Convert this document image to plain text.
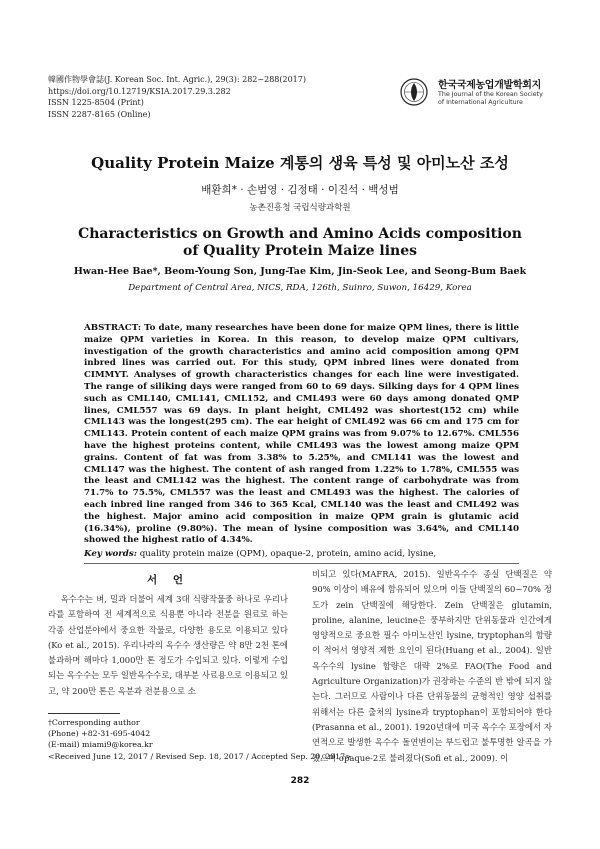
韓國作物學會誌(J. Korean Soc. Int. Agric.), 29(3): 282~288(2017)
https://doi.org/10.12719/KSIA.2017.29.3.282
ISSN 1225-8504 (Print)
ISSN 2287-8165 (Online)
한국국제농업개발학회지
The Journal of the Korean Society
of International Agriculture
Quality Protein Maize 계통의 생육 특성 및 아미노산 조성
배환희* · 손범영 · 김정태 · 이진석 · 백성범
농촌진흥청 국립식량과학원
Characteristics on Growth and Amino Acids composition
of Quality Protein Maize lines
Hwan-Hee Bae*, Beom-Young Son, Jung-Tae Kim, Jin-Seok Lee, and Seong-Bum Baek
Department of Central Area, NICS, RDA, 126th, Suinro, Suwon, 16429, Korea
ABSTRACT: To date, many researches have been done for maize QPM lines, there is little maize QPM varieties in Korea. In this reason, to develop maize QPM cultivars, investigation of the growth characteristics and amino acid composition among QPM inbred lines was carried out. For this study, QPM inbred lines were donated from CIMMYT. Analyses of growth characteristics changes for each line were investigated. The range of siliking days were ranged from 60 to 69 days. Silking days for 4 QPM lines such as CML140, CML141, CML152, and CML493 were 60 days among donated QMP lines, CML557 was 69 days. In plant height, CML492 was shortest(152 cm) while CML143 was the longest(295 cm). The ear height of CML492 was 66 cm and 175 cm for CML143. Protein content of each maize QPM grains was from 9.07% to 12.67%. CML556 have the highest proteins content, while CML493 was the lowest among maize QPM grains. Content of fat was from 3.38% to 5.25%, and CML141 was the lowest and CML147 was the highest. The content of ash ranged from 1.22% to 1.78%, CML555 was the least and CML142 was the highest. The content range of carbohydrate was from 71.7% to 75.5%, CML557 was the least and CML493 was the highest. The calories of each inbred line ranged from 346 to 365 Kcal, CML140 was the least and CML492 was the highest. Major amino acid composition in maize QPM grain is glutamic acid (16.34%), proline (9.80%). The mean of lysine composition was 3.64%, and CML140 showed the highest ratio of 4.34%.
Key words: quality protein maize (QPM), opaque-2, protein, amino acid, lysine,
서 언
옥수수는 벼, 밀과 더불어 세계 3대 식량작물중 하나로 우리나라를 포함하여 전 세계적으로 식용뿐 아니라 전분을 원료로 하는 각종 산업분야에서 중요한 작물로, 다양한 용도로 이용되고 있다(Ko et al., 2015). 우리나라의 옥수수 생산량은 약 8만 2천 톤에 불과하며 해마다 1,000만 톤 정도가 수입되고 있다. 이렇게 수입되는 옥수수는 모두 일반옥수수로, 대부분 사료용으로 이용되고 있고, 약 200만 톤은 옥분과 전분용으로 소
비되고 있다(MAFRA, 2015). 일반옥수수 종실 단백질은 약 90% 이상이 배유에 함유되어 있으며 이들 단백질의 60~70% 정도가 zein 단백질에 해당한다. Zein 단백질은 glutamin, proline, alanine, leucine은 풍부하지만 단위동물과 인간에게 영양적으로 중요한 필수 아미노산인 lysine, tryptophan의 함량이 적어서 영양적 제한 요인이 된다(Huang et al., 2004). 일반옥수수의 lysine 함량은 대략 2%로 FAO(The Food and Agriculture Organization)가 권장하는 수준의 반 밖에 되지 않는다. 그러므로 사람이나 다른 단위동물의 균형적인 영양 섭취를 위해서는 다른 출처의 lysine과 tryptophan이 포함되어야 한다(Prasanna et al., 2001). 1920년대에 미국 옥수수 포장에서 자연적으로 발생한 옥수수 돌연변이는 부드럽고 불투명한 알곡을 가졌으며 opaque-2로 불려졌다(Sofi et al., 2009). 이
†Corresponding author
(Phone) +82-31-695-4042
(E-mail) miami9@korea.kr
<Received June 12, 2017 / Revised Sep. 18, 2017 / Accepted Sep. 20, 2017>
282
